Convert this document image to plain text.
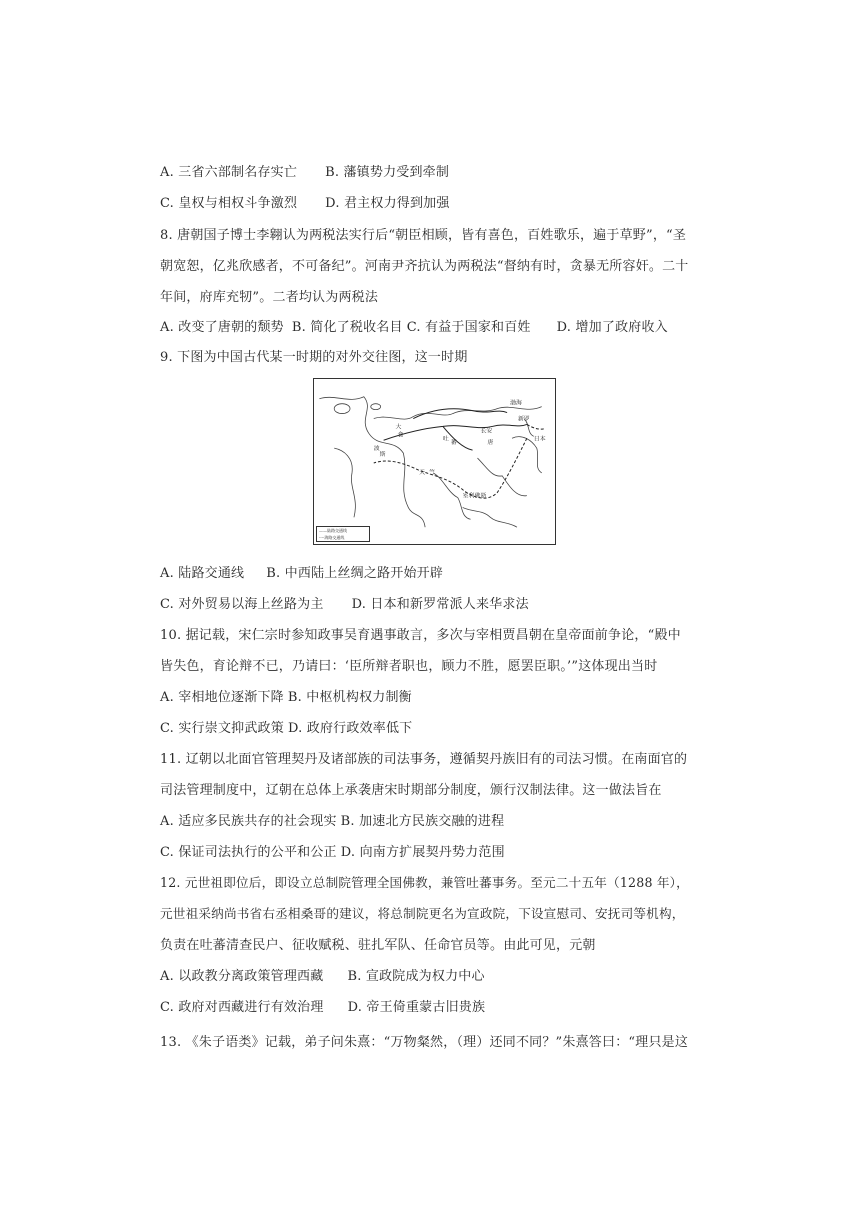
A. 三省六部制名存实亡 B. 藩镇势力受到牵制
C. 皇权与相权斗争激烈 D. 君主权力得到加强
8. 唐朝国子博士李翱认为两税法实行后“朝臣相顾，皆有喜色，百姓歌乐，遍于草野”，“圣
朝宽恕，亿兆欣感者，不可备纪”。河南尹齐抗认为两税法“督纳有时，贪暴无所容奸。二十
年间，府库充牣”。二者均认为两税法
A. 改变了唐朝的颓势 B. 简化了税收名目 C. 有益于国家和百姓 D. 增加了政府收入
9. 下图为中国古代某一时期的对外交往图，这一时期
大
食
天 竺
吐
蕃
波
斯
唐
新罗
日本
长安
室利佛逝
渤海
——陆路交通线
----海路交通线
A. 陆路交通线 B. 中西陆上丝绸之路开始开辟
C. 对外贸易以海上丝路为主 D. 日本和新罗常派人来华求法
10. 据记载，宋仁宗时参知政事吴育遇事敢言，多次与宰相贾昌朝在皇帝面前争论，“殿中
皆失色，育论辩不已，乃请曰：‘臣所辩者职也，顾力不胜，愿罢臣职。’”这体现出当时
A. 宰相地位逐渐下降 B. 中枢机构权力制衡
C. 实行崇文抑武政策 D. 政府行政效率低下
11. 辽朝以北面官管理契丹及诸部族的司法事务，遵循契丹族旧有的司法习惯。在南面官的
司法管理制度中，辽朝在总体上承袭唐宋时期部分制度，颁行汉制法律。这一做法旨在
A. 适应多民族共存的社会现实 B. 加速北方民族交融的进程
C. 保证司法执行的公平和公正 D. 向南方扩展契丹势力范围
12. 元世祖即位后，即设立总制院管理全国佛教，兼管吐蕃事务。至元二十五年（1288 年），
元世祖采纳尚书省右丞相桑哥的建议，将总制院更名为宣政院，下设宣慰司、安抚司等机构，
负责在吐蕃清查民户、征收赋税、驻扎军队、任命官员等。由此可见，元朝
A. 以政教分离政策管理西藏 B. 宣政院成为权力中心
C. 政府对西藏进行有效治理 D. 帝王倚重蒙古旧贵族
13. 《朱子语类》记载，弟子问朱熹：“万物粲然，（理）还同不同？”朱熹答曰：“理只是这
